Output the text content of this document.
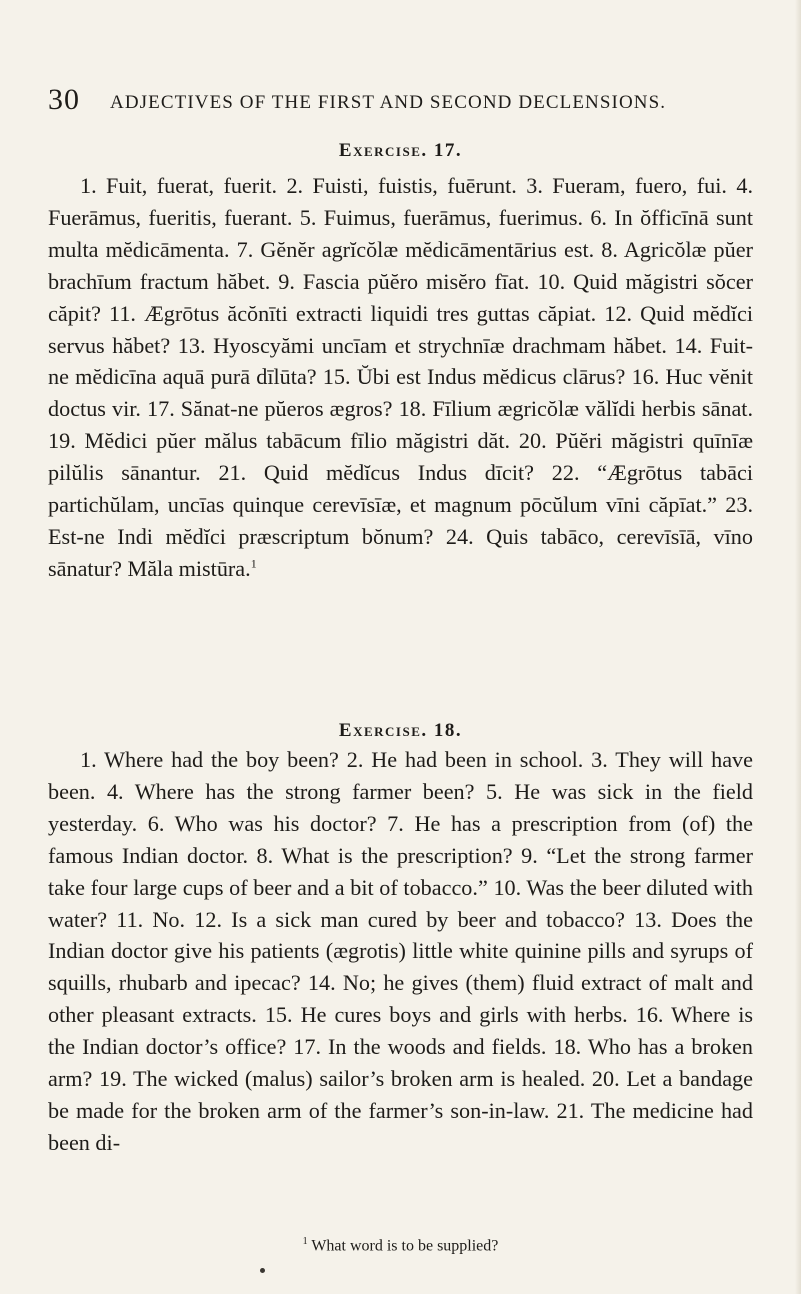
30 ADJECTIVES OF THE FIRST AND SECOND DECLENSIONS.
Exercise. 17.

1. Fuit, fuerat, fuerit. 2. Fuisti, fuistis, fuērunt. 3. Fueram, fuero, fui. 4. Fuerāmus, fueritis, fuerant. 5. Fuimus, fuerāmus, fuerimus. 6. In ŏfficīnā sunt multa mĕdicāmenta. 7. Gĕnĕr agrĭcŏlæ mĕdicāmentārius est. 8. Agricŏlæ pŭer brachīum fractum hăbet. 9. Fascia pŭĕro misĕro fīat. 10. Quid măgistri sŏcer căpit? 11. Ægrōtus ăcŏnīti extracti liquidi tres guttas căpiat. 12. Quid mĕdĭci servus hăbet? 13. Hyoscyămi uncīam et strychnīæ drachmam hăbet. 14. Fuit-ne mĕdicīna aquā purā dīlūta? 15. Ŭbi est Indus mĕdicus clārus? 16. Huc vĕnit doctus vir. 17. Sănat-ne pŭeros ægros? 18. Fīlium ægricŏlæ vălĭdi herbis sānat. 19. Mĕdici pŭer mălus tabācum fīlio măgistri dăt. 20. Pŭĕri măgistri quīnīæ pilŭlis sānantur. 21. Quid mĕdĭcus Indus dīcit? 22. “Ægrōtus tabāci partichŭlam, uncīas quinque cerevīsīæ, et magnum pōcŭlum vīni căpīat.” 23. Est-ne Indi mĕdĭci præscriptum bŏnum? 24. Quis tabāco, cerevīsīā, vīno sānatur? Măla mistūra.$^1$

Exercise. 18.

1. Where had the boy been? 2. He had been in school. 3. They will have been. 4. Where has the strong farmer been? 5. He was sick in the field yesterday. 6. Who was his doctor? 7. He has a prescription from (of) the famous Indian doctor. 8. What is the prescription? 9. “Let the strong farmer take four large cups of beer and a bit of tobacco.” 10. Was the beer diluted with water? 11. No. 12. Is a sick man cured by beer and tobacco? 13. Does the Indian doctor give his patients (ægrotis) little white quinine pills and syrups of squills, rhubarb and ipecac? 14. No; he gives (them) fluid extract of malt and other pleasant extracts. 15. He cures boys and girls with herbs. 16. Where is the Indian doctor’s office? 17. In the woods and fields. 18. Who has a broken arm? 19. The wicked (malus) sailor’s broken arm is healed. 20. Let a bandage be made for the broken arm of the farmer’s son-in-law. 21. The medicine had been di-

$^1$ What word is to be supplied?
